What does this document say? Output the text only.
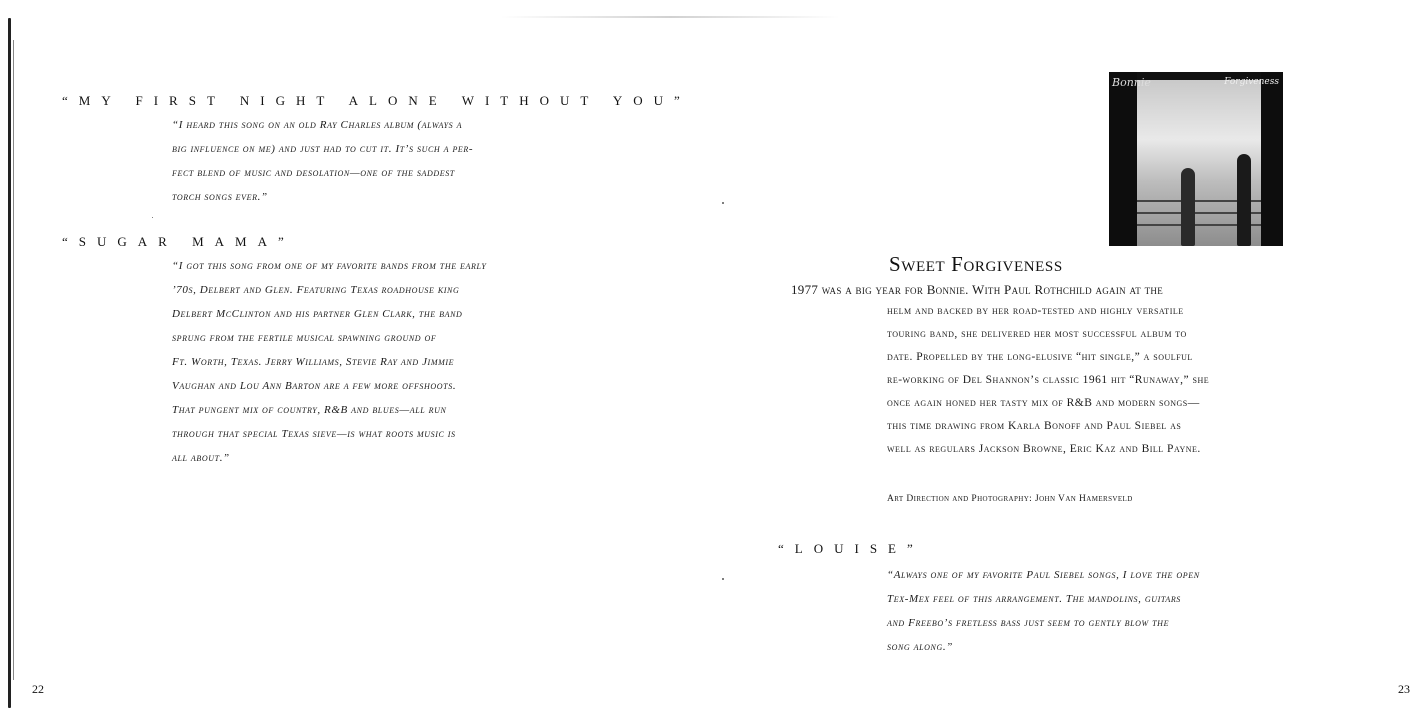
“MY FIRST NIGHT ALONE WITHOUT YOU”

“I heard this song on an old Ray Charles album (always a

big influence on me) and just had to cut it. It’s such a per-

fect blend of music and desolation—one of the saddest

torch songs ever.”

“SUGAR MAMA”

“I got this song from one of my favorite bands from the early

’70s, Delbert and Glen. Featuring Texas roadhouse king

Delbert McClinton and his partner Glen Clark, the band

sprung from the fertile musical spawning ground of

Ft. Worth, Texas. Jerry Williams, Stevie Ray and Jimmie

Vaughan and Lou Ann Barton are a few more offshoots.

That pungent mix of country, R&B and blues—all run

through that special Texas sieve—is what roots music is

all about.”

22
Bonnie	Forgiveness
Sweet Forgiveness
1977 was a big year for Bonnie. With Paul Rothchild again at the

helm and backed by her road-tested and highly versatile

touring band, she delivered her most successful album to

date. Propelled by the long-elusive “hit single,” a soulful

re-working of Del Shannon’s classic 1961 hit “Runaway,” she

once again honed her tasty mix of R&B and modern songs—

this time drawing from Karla Bonoff and Paul Siebel as

well as regulars Jackson Browne, Eric Kaz and Bill Payne.

Art Direction and Photography: John Van Hamersveld
“LOUISE”

“Always one of my favorite Paul Siebel songs, I love the open

Tex-Mex feel of this arrangement. The mandolins, guitars

and Freebo’s fretless bass just seem to gently blow the

song along.”

23
